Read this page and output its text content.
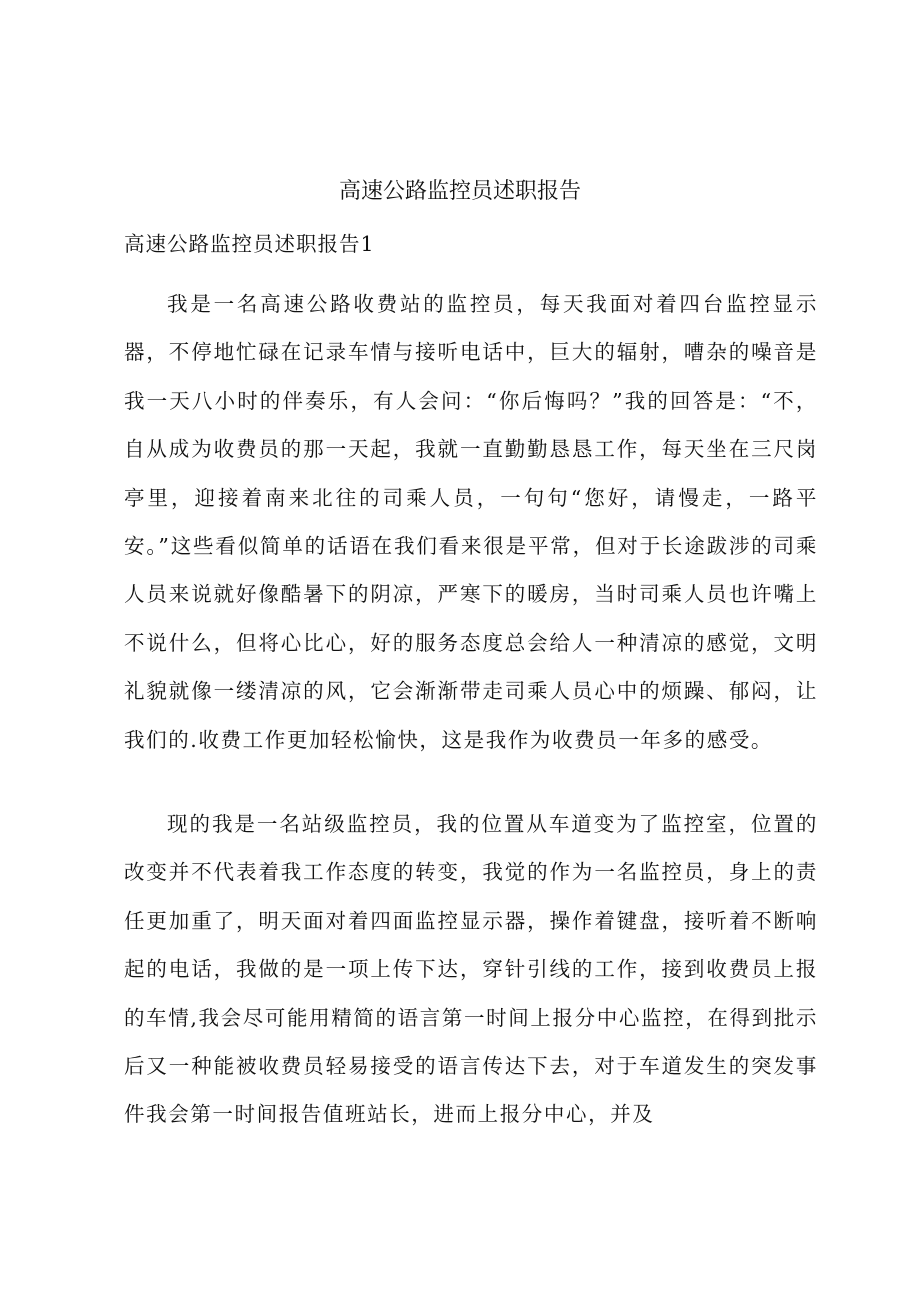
高速公路监控员述职报告
高速公路监控员述职报告1

我是一名高速公路收费站的监控员，每天我面对着四台监控显示器，不停地忙碌在记录车情与接听电话中，巨大的辐射，嘈杂的噪音是我一天八小时的伴奏乐，有人会问：“你后悔吗？”我的回答是：“不，自从成为收费员的那一天起，我就一直勤勤恳恳工作，每天坐在三尺岗亭里，迎接着南来北往的司乘人员，一句句“您好，请慢走，一路平安。”这些看似简单的话语在我们看来很是平常，但对于长途跋涉的司乘人员来说就好像酷暑下的阴凉，严寒下的暖房，当时司乘人员也许嘴上不说什么，但将心比心，好的服务态度总会给人一种清凉的感觉，文明礼貌就像一缕清凉的风，它会渐渐带走司乘人员心中的烦躁、郁闷，让我们的.收费工作更加轻松愉快，这是我作为收费员一年多的感受。

现的我是一名站级监控员，我的位置从车道变为了监控室，位置的改变并不代表着我工作态度的转变，我觉的作为一名监控员，身上的责任更加重了，明天面对着四面监控显示器，操作着键盘，接听着不断响起的电话，我做的是一项上传下达，穿针引线的工作，接到收费员上报的车情,我会尽可能用精简的语言第一时间上报分中心监控，在得到批示后又一种能被收费员轻易接受的语言传达下去，对于车道发生的突发事件我会第一时间报告值班站长，进而上报分中心，并及
